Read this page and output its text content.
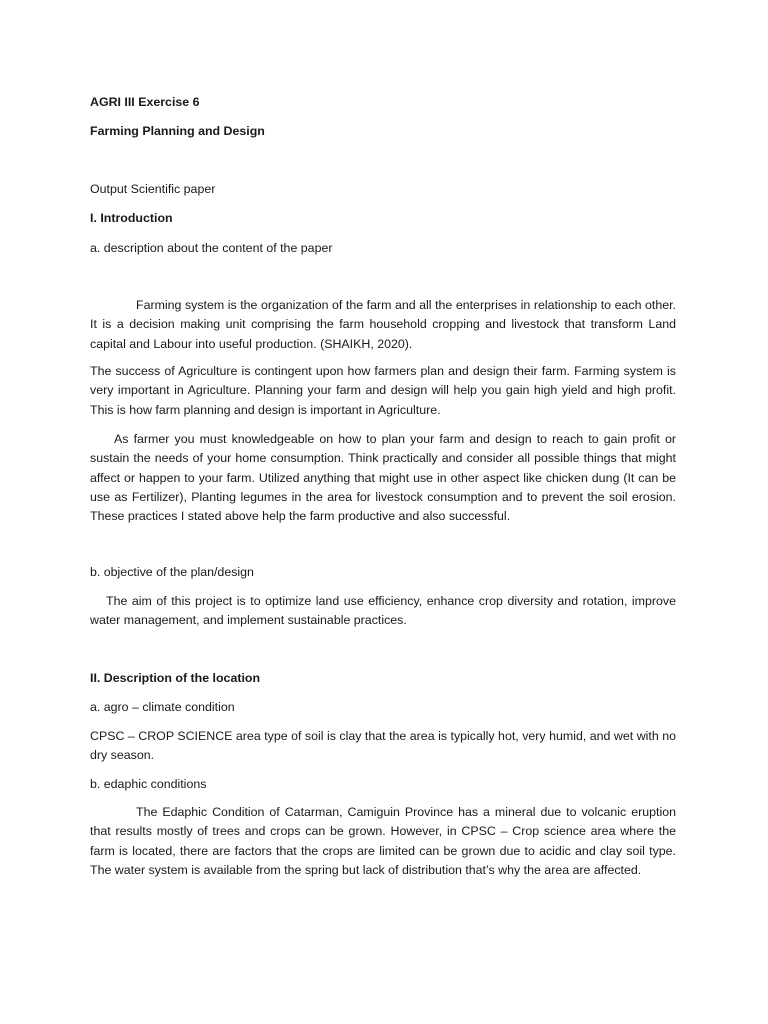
AGRI III Exercise 6
Farming Planning and Design
Output Scientific paper
I. Introduction
a. description about the content of the paper

Farming system is the organization of the farm and all the enterprises in relationship to each other. It is a decision making unit comprising the farm household cropping and livestock that transform Land capital and Labour into useful production. (SHAIKH, 2020).

The success of Agriculture is contingent upon how farmers plan and design their farm. Farming system is very important in Agriculture. Planning your farm and design will help you gain high yield and high profit. This is how farm planning and design is important in Agriculture.

As farmer you must knowledgeable on how to plan your farm and design to reach to gain profit or sustain the needs of your home consumption. Think practically and consider all possible things that might affect or happen to your farm. Utilized anything that might use in other aspect like chicken dung (It can be use as Fertilizer), Planting legumes in the area for livestock consumption and to prevent the soil erosion. These practices I stated above help the farm productive and also successful.

b. objective of the plan/design

The aim of this project is to optimize land use efficiency, enhance crop diversity and rotation, improve water management, and implement sustainable practices.

II. Description of the location
a. agro – climate condition

CPSC – CROP SCIENCE area type of soil is clay that the area is typically hot, very humid, and wet with no dry season.

b. edaphic conditions

The Edaphic Condition of Catarman, Camiguin Province has a mineral due to volcanic eruption that results mostly of trees and crops can be grown. However, in CPSC – Crop science area where the farm is located, there are factors that the crops are limited can be grown due to acidic and clay soil type. The water system is available from the spring but lack of distribution that’s why the area are affected.
